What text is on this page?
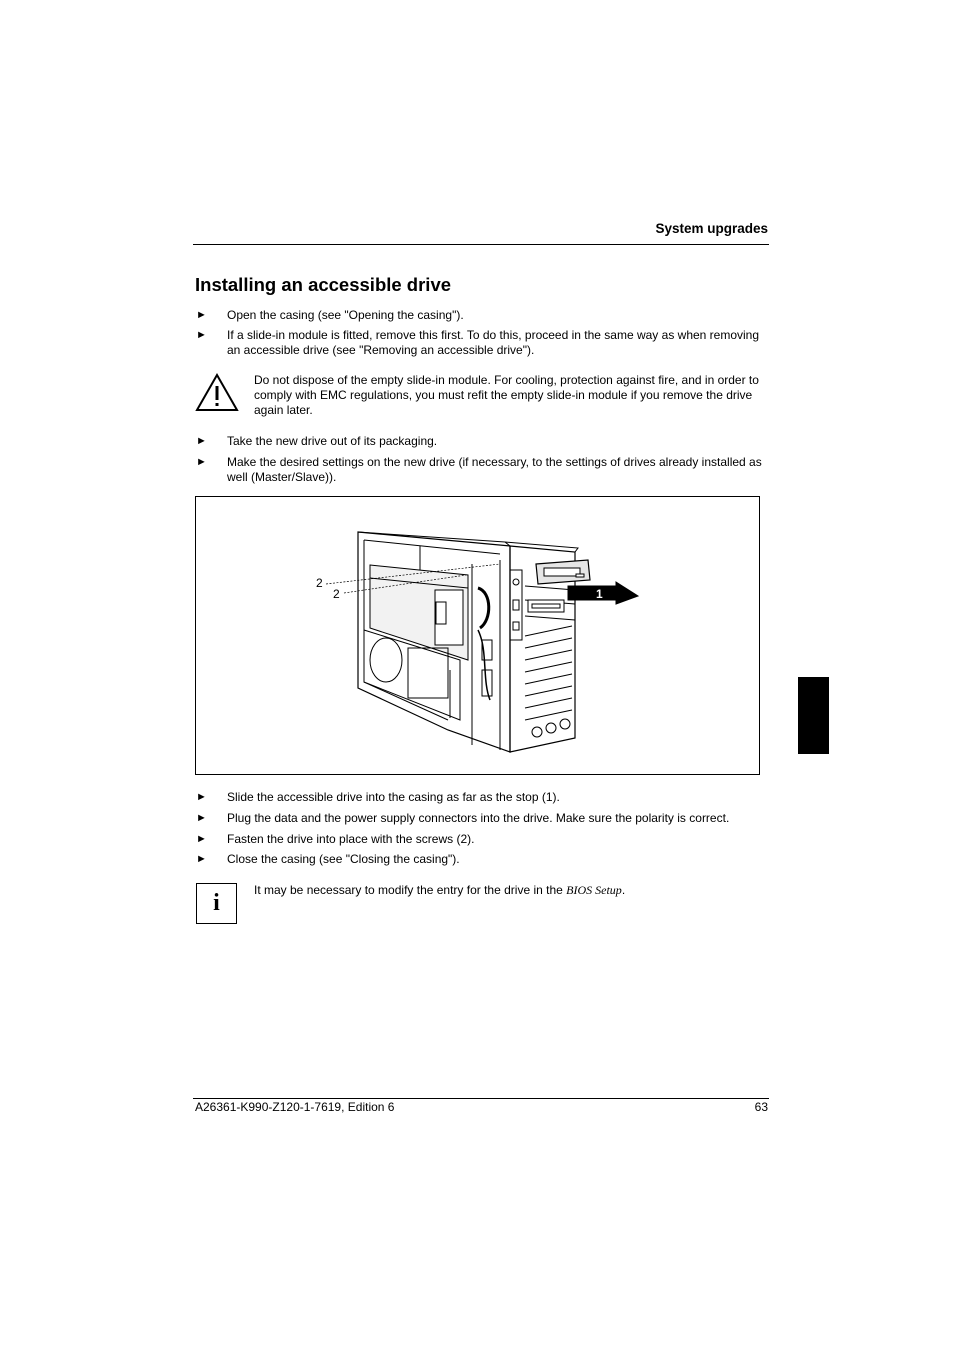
System upgrades
Installing an accessible drive
► Open the casing (see "Opening the casing").
► If a slide-in module is fitted, remove this first. To do this, proceed in the same way as when removing an accessible drive (see "Removing an accessible drive").
Do not dispose of the empty slide-in module. For cooling, protection against fire, and in order to comply with EMC regulations, you must refit the empty slide-in module if you remove the drive again later.
► Take the new drive out of its packaging.
► Make the desired settings on the new drive (if necessary, to the settings of drives already installed as well (Master/Slave)).
2
2	1
► Slide the accessible drive into the casing as far as the stop (1).
► Plug the data and the power supply connectors into the drive. Make sure the polarity is correct.
► Fasten the drive into place with the screws (2).
► Close the casing (see "Closing the casing").
i	It may be necessary to modify the entry for the drive in the BIOS Setup.
A26361-K990-Z120-1-7619, Edition 6	63
